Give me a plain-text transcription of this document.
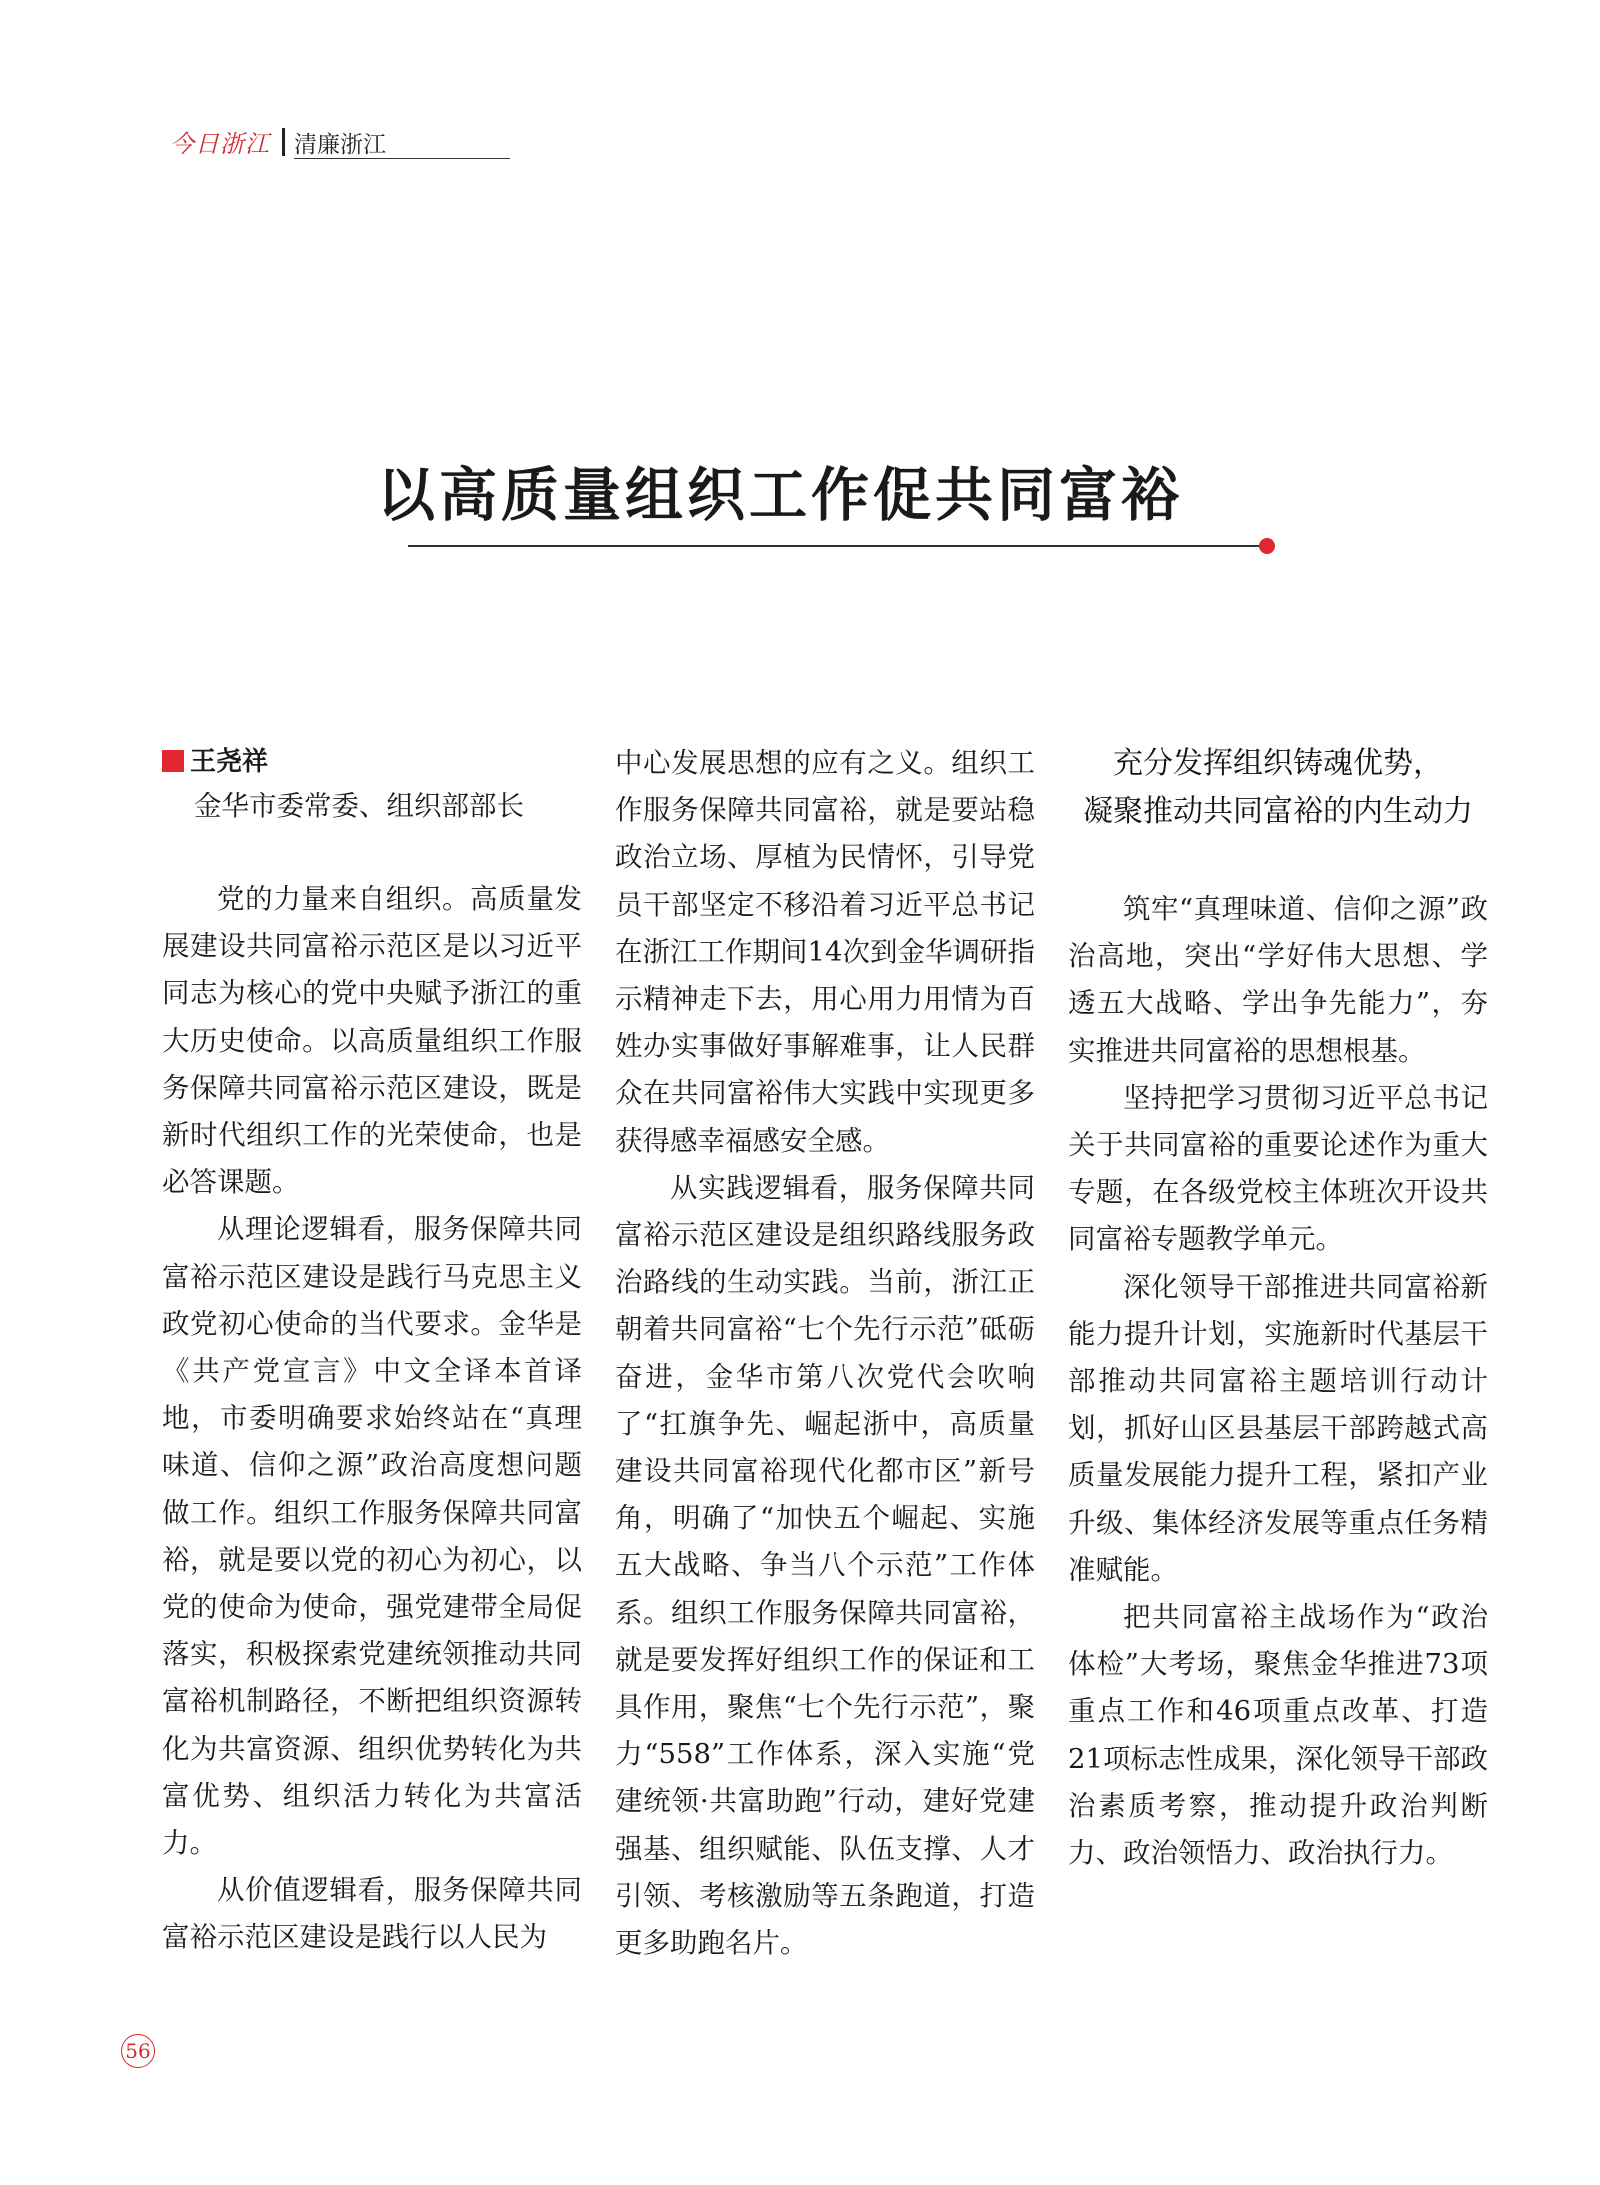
今日浙江 清廉浙江
以高质量组织工作促共同富裕
王尧祥
金华市委常委、组织部部长

党的力量来自组织。高质量发展建设共同富裕示范区是以习近平同志为核心的党中央赋予浙江的重大历史使命。以高质量组织工作服务保障共同富裕示范区建设，既是新时代组织工作的光荣使命，也是必答课题。

从理论逻辑看，服务保障共同富裕示范区建设是践行马克思主义政党初心使命的当代要求。金华是《共产党宣言》中文全译本首译地，市委明确要求始终站在“真理味道、信仰之源”政治高度想问题做工作。组织工作服务保障共同富裕，就是要以党的初心为初心，以党的使命为使命，强党建带全局促落实，积极探索党建统领推动共同富裕机制路径，不断把组织资源转化为共富资源、组织优势转化为共富优势、组织活力转化为共富活力。

从价值逻辑看，服务保障共同富裕示范区建设是践行以人民为

中心发展思想的应有之义。组织工作服务保障共同富裕，就是要站稳政治立场、厚植为民情怀，引导党员干部坚定不移沿着习近平总书记在浙江工作期间14次到金华调研指示精神走下去，用心用力用情为百姓办实事做好事解难事，让人民群众在共同富裕伟大实践中实现更多获得感幸福感安全感。

从实践逻辑看，服务保障共同富裕示范区建设是组织路线服务政治路线的生动实践。当前，浙江正朝着共同富裕“七个先行示范”砥砺奋进，金华市第八次党代会吹响了“扛旗争先、崛起浙中，高质量建设共同富裕现代化都市区”新号角，明确了“加快五个崛起、实施五大战略、争当八个示范”工作体系。组织工作服务保障共同富裕，就是要发挥好组织工作的保证和工具作用，聚焦“七个先行示范”，聚力“558”工作体系，深入实施“党建统领·共富助跑”行动，建好党建强基、组织赋能、队伍支撑、人才引领、考核激励等五条跑道，打造更多助跑名片。

充分发挥组织铸魂优势，
凝聚推动共同富裕的内生动力

筑牢“真理味道、信仰之源”政治高地，突出“学好伟大思想、学透五大战略、学出争先能力”，夯实推进共同富裕的思想根基。

坚持把学习贯彻习近平总书记关于共同富裕的重要论述作为重大专题，在各级党校主体班次开设共同富裕专题教学单元。

深化领导干部推进共同富裕新能力提升计划，实施新时代基层干部推动共同富裕主题培训行动计划，抓好山区县基层干部跨越式高质量发展能力提升工程，紧扣产业升级、集体经济发展等重点任务精准赋能。

把共同富裕主战场作为“政治体检”大考场，聚焦金华推进73项重点工作和46项重点改革、打造21项标志性成果，深化领导干部政治素质考察，推动提升政治判断力、政治领悟力、政治执行力。

56
